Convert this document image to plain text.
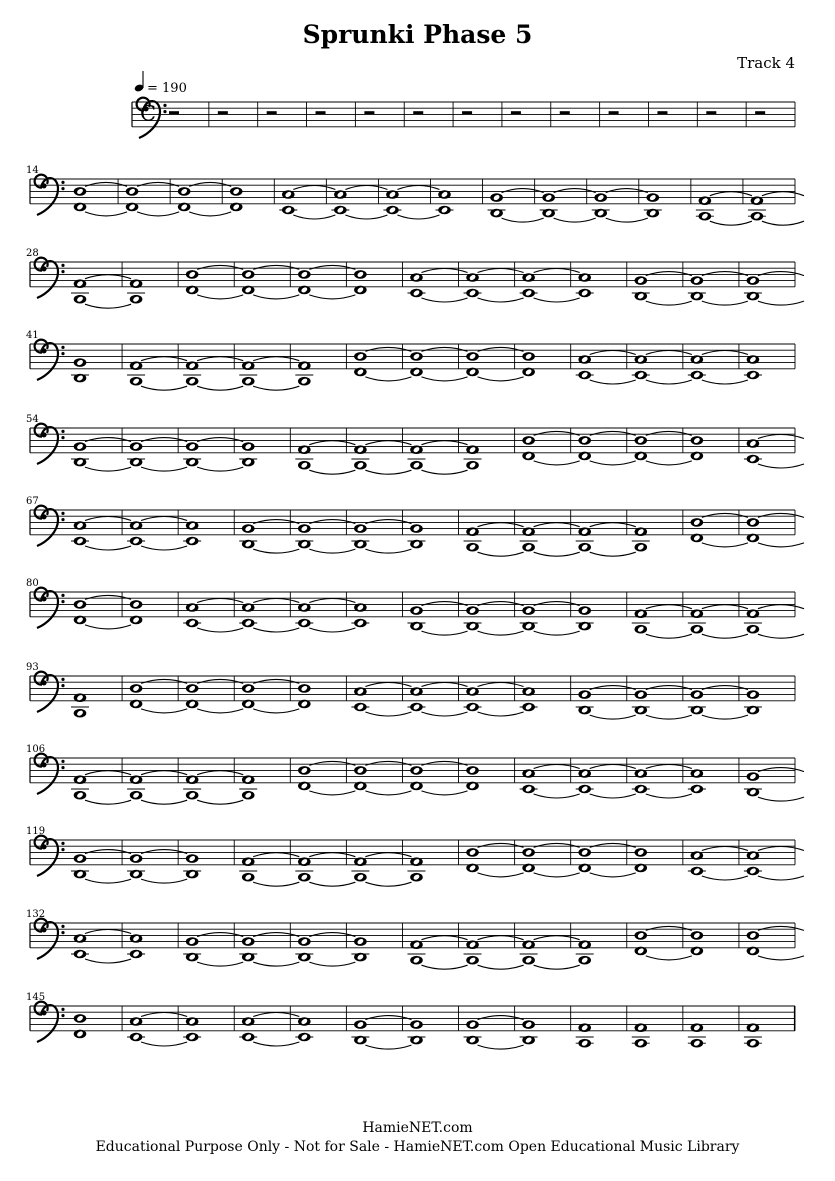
Sprunki Phase 5
Track 4
C
= 190
14
28
41
54
67
80
93
106
119
132
145
HamieNET.com
Educational Purpose Only - Not for Sale - HamieNET.com Open Educational Music Library
